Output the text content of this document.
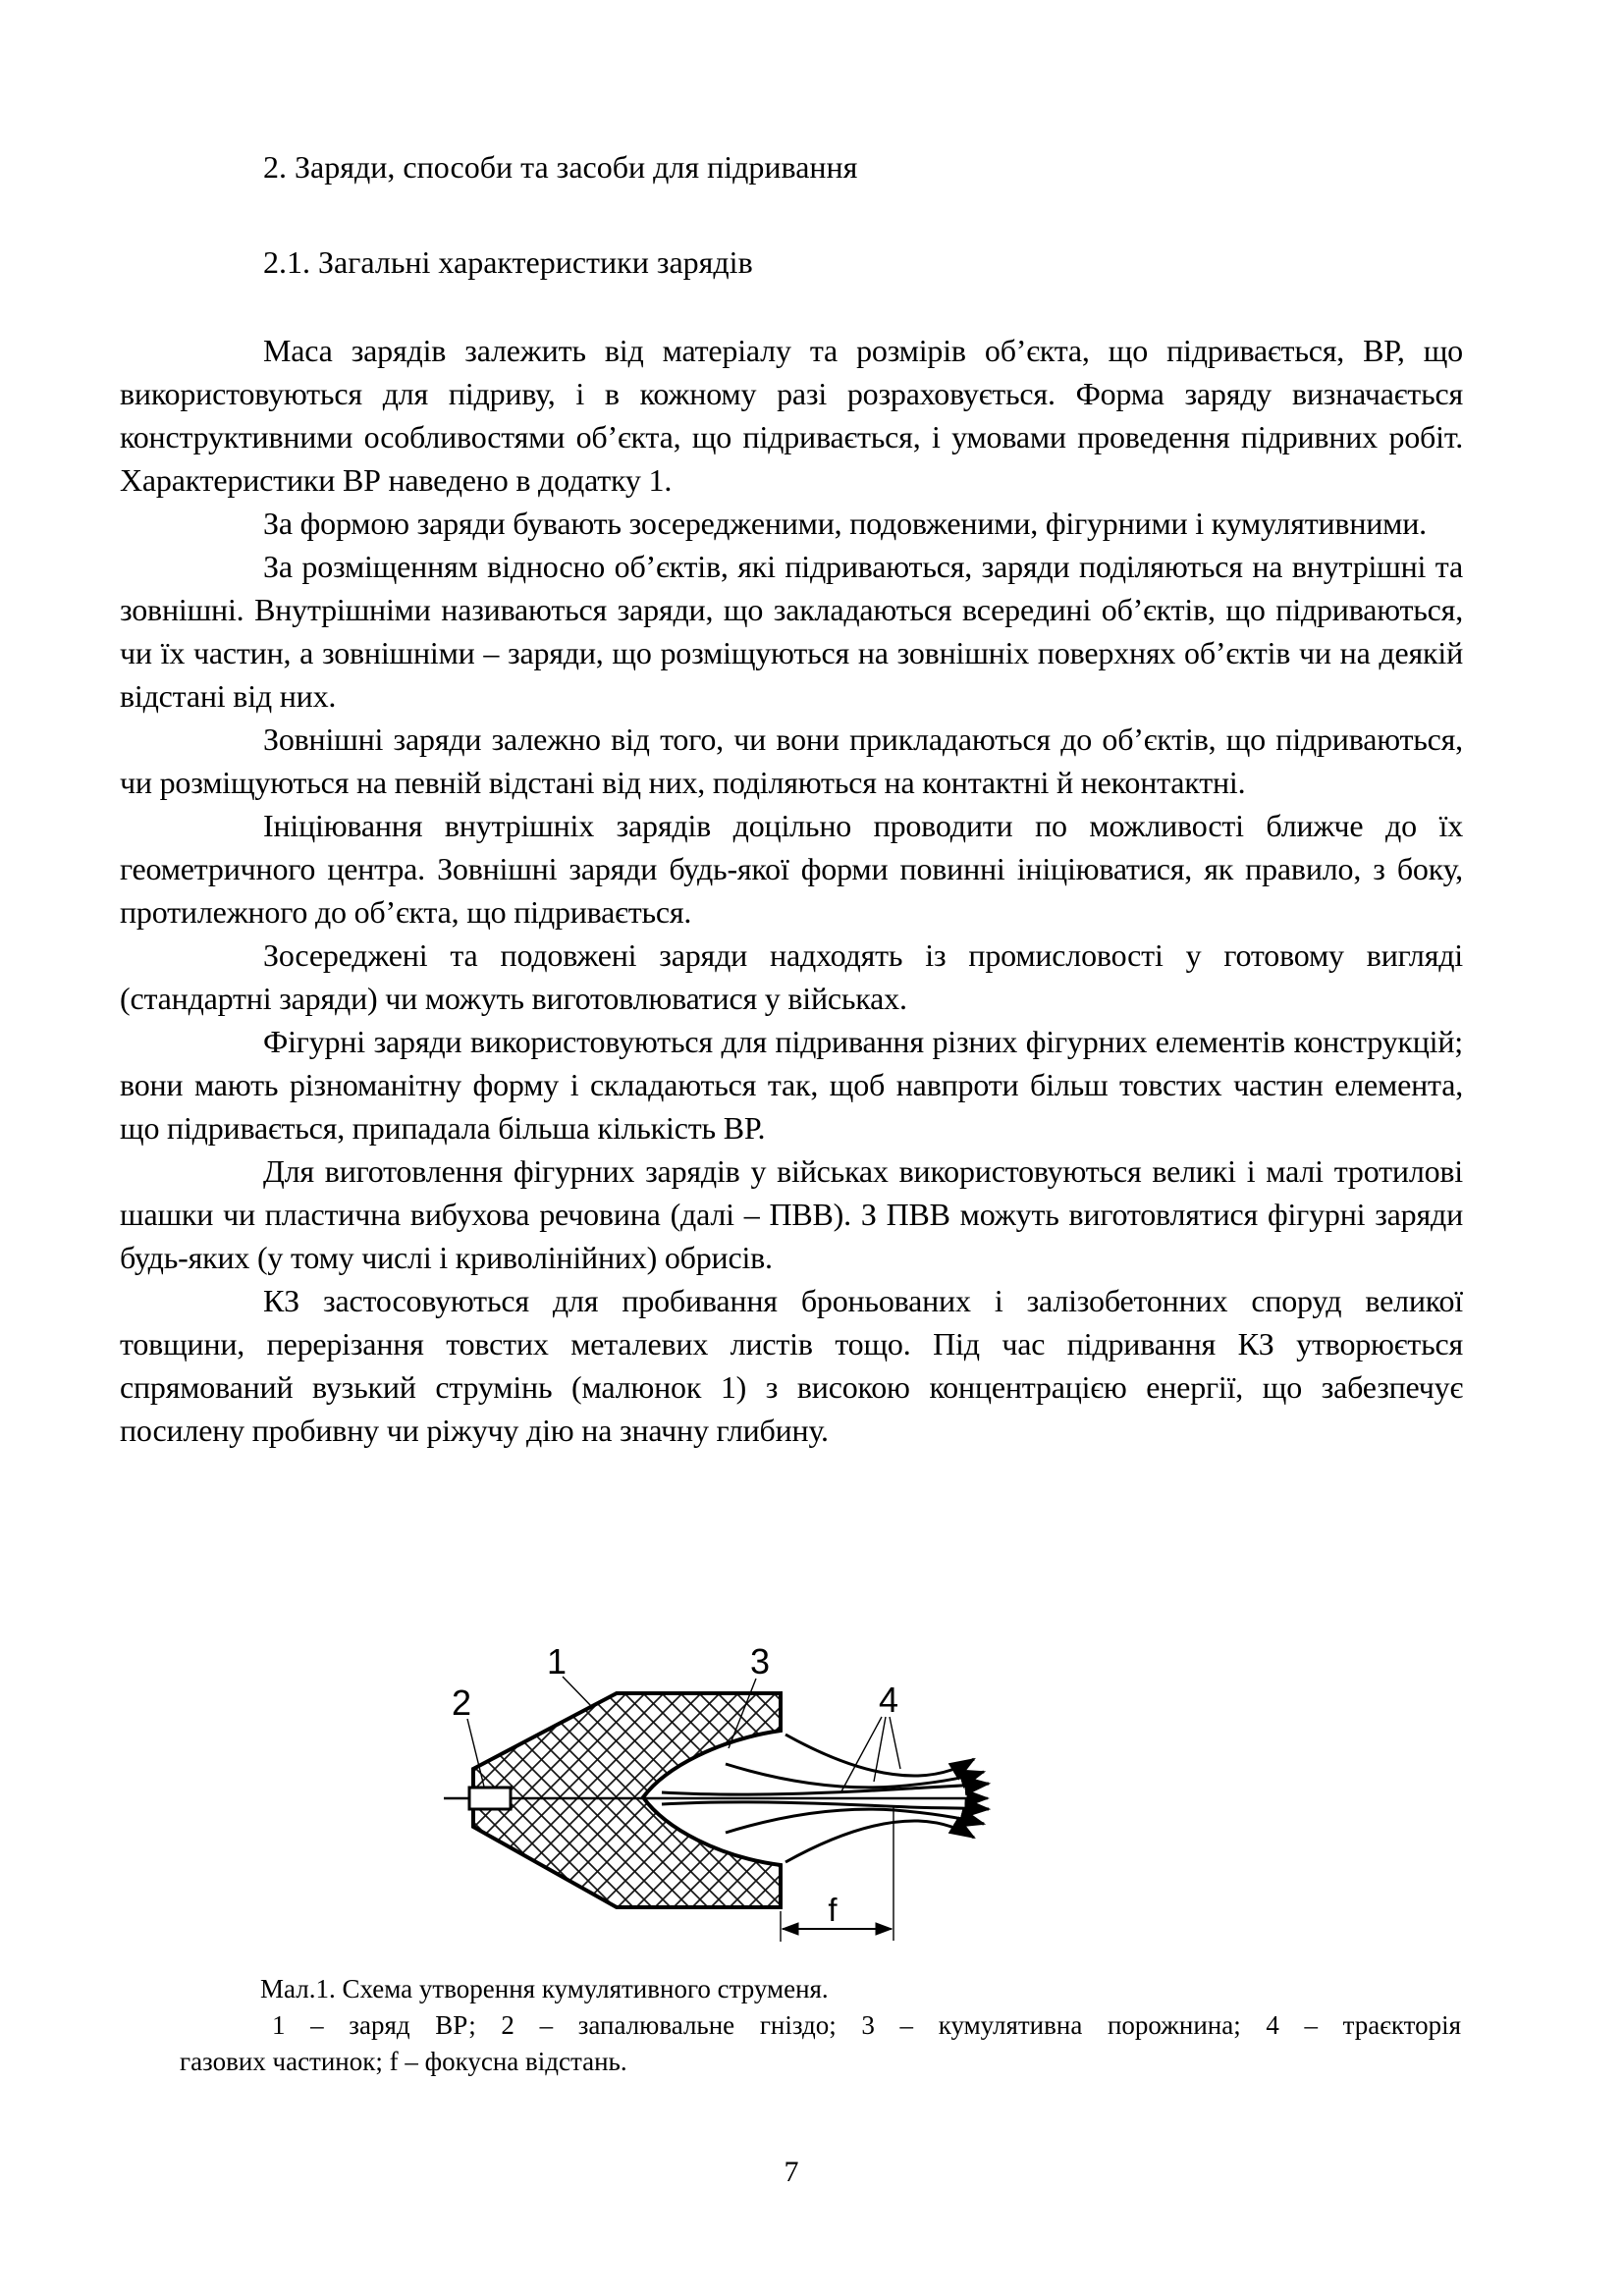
2. Заряди, способи та засоби для підривання

2.1. Загальні характеристики зарядів

Маса зарядів залежить від матеріалу та розмірів об’єкта, що підривається, ВР, що використовуються для підриву, і в кожному разі розраховується. Форма заряду визначається конструктивними особливостями об’єкта, що підривається, і умовами проведення підривних робіт. Характеристики ВР наведено в додатку 1.

За формою заряди бувають зосередженими, подовженими, фігурними і кумулятивними.

За розміщенням відносно об’єктів, які підриваються, заряди поділяються на внутрішні та зовнішні. Внутрішніми називаються заряди, що закладаються всередині об’єктів, що підриваються, чи їх частин, а зовнішніми – заряди, що розміщуються на зовнішніх поверхнях об’єктів чи на деякій відстані від них.

Зовнішні заряди залежно від того, чи вони прикладаються до об’єктів, що підриваються, чи розміщуються на певній відстані від них, поділяються на контактні й неконтактні.

Ініціювання внутрішніх зарядів доцільно проводити по можливості ближче до їх геометричного центра. Зовнішні заряди будь-якої форми повинні ініціюватися, як правило, з боку, протилежного до об’єкта, що підривається.

Зосереджені та подовжені заряди надходять із промисловості у готовому вигляді (стандартні заряди) чи можуть виготовлюватися у військах.

Фігурні заряди використовуються для підривання різних фігурних елементів конструкцій; вони мають різноманітну форму і складаються так, щоб навпроти більш товстих частин елемента, що підривається, припадала більша кількість ВР.

Для виготовлення фігурних зарядів у військах використовуються великі і малі тротилові шашки чи пластична вибухова речовина (далі – ПВВ). З ПВВ можуть виготовлятися фігурні заряди будь-яких (у тому числі і криволінійних) обрисів.

КЗ застосовуються для пробивання броньованих і залізобетонних споруд великої товщини, перерізання товстих металевих листів тощо. Під час підривання КЗ утворюється спрямований вузький струмінь (малюнок 1) з високою концентрацією енергії, що забезпечує посилену пробивну чи ріжучу дію на значну глибину.

1
2
3
4
f

Мал.1. Схема утворення кумулятивного струменя.

1 – заряд ВР; 2 – запалювальне гніздо; 3 – кумулятивна порожнина; 4 – траєкторія

газових частинок; f – фокусна відстань.

7
